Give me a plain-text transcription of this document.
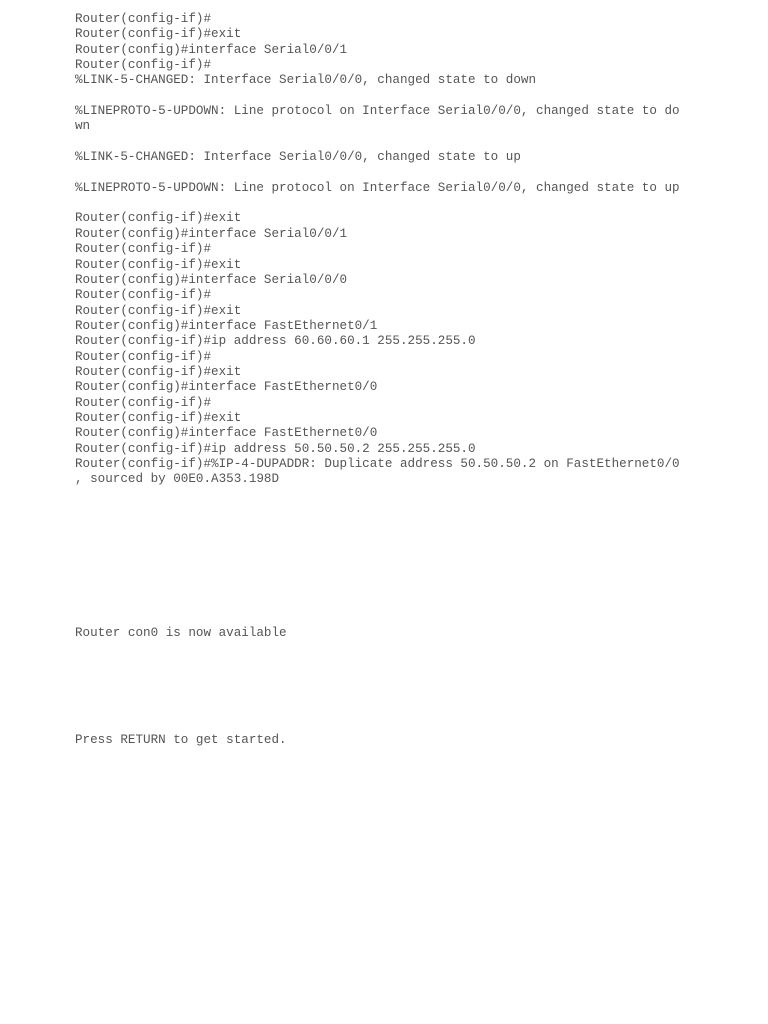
Router(config-if)#
Router(config-if)#exit
Router(config)#interface Serial0/0/1
Router(config-if)#
%LINK-5-CHANGED: Interface Serial0/0/0, changed state to down
%LINEPROTO-5-UPDOWN: Line protocol on Interface Serial0/0/0, changed state to do
wn
%LINK-5-CHANGED: Interface Serial0/0/0, changed state to up
%LINEPROTO-5-UPDOWN: Line protocol on Interface Serial0/0/0, changed state to up
Router(config-if)#exit
Router(config)#interface Serial0/0/1
Router(config-if)#
Router(config-if)#exit
Router(config)#interface Serial0/0/0
Router(config-if)#
Router(config-if)#exit
Router(config)#interface FastEthernet0/1
Router(config-if)#ip address 60.60.60.1 255.255.255.0
Router(config-if)#
Router(config-if)#exit
Router(config)#interface FastEthernet0/0
Router(config-if)#
Router(config-if)#exit
Router(config)#interface FastEthernet0/0
Router(config-if)#ip address 50.50.50.2 255.255.255.0
Router(config-if)#%IP-4-DUPADDR: Duplicate address 50.50.50.2 on FastEthernet0/0
, sourced by 00E0.A353.198D
Router con0 is now available
Press RETURN to get started.
